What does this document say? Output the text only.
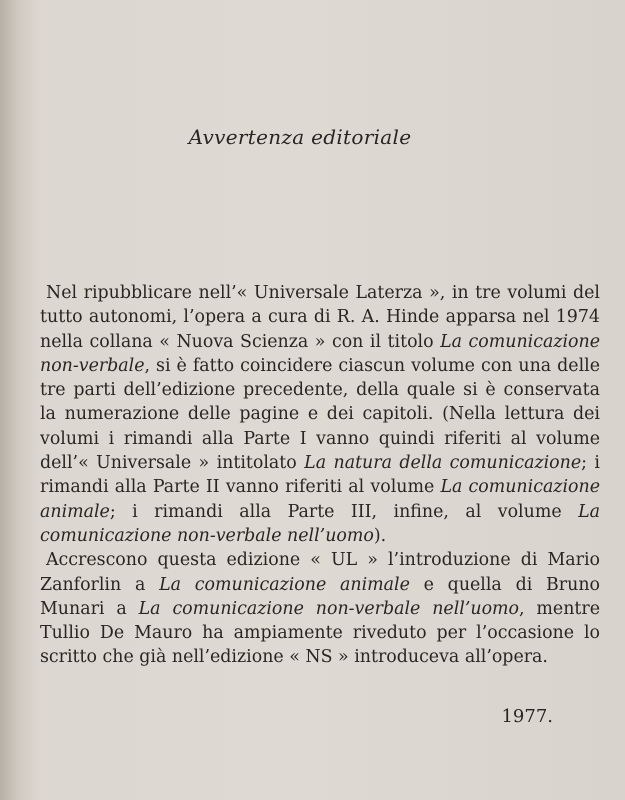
Avvertenza editoriale

Nel ripubblicare nell’« Universale Laterza », in tre volumi del tutto autonomi, l’opera a cura di R. A. Hinde apparsa nel 1974 nella collana « Nuova Scienza » con il titolo La comunicazione non-verbale, si è fatto coincidere ciascun volume con una delle tre parti dell’edizione precedente, della quale si è conservata la numerazione delle pagine e dei capitoli. (Nella lettura dei volumi i rimandi alla Parte I vanno quindi riferiti al volume dell’« Universale » intitolato La natura della comunicazione; i rimandi alla Parte II vanno riferiti al volume La comunicazione animale; i rimandi alla Parte III, infine, al volume La comunicazione non-verbale nell’uomo).

Accrescono questa edizione « UL » l’introduzione di Mario Zanforlin a La comunicazione animale e quella di Bruno Munari a La comunicazione non-verbale nell’uomo, mentre Tullio De Mauro ha ampiamente riveduto per l’occasione lo scritto che già nell’edizione « NS » introduceva all’opera.

1977.
